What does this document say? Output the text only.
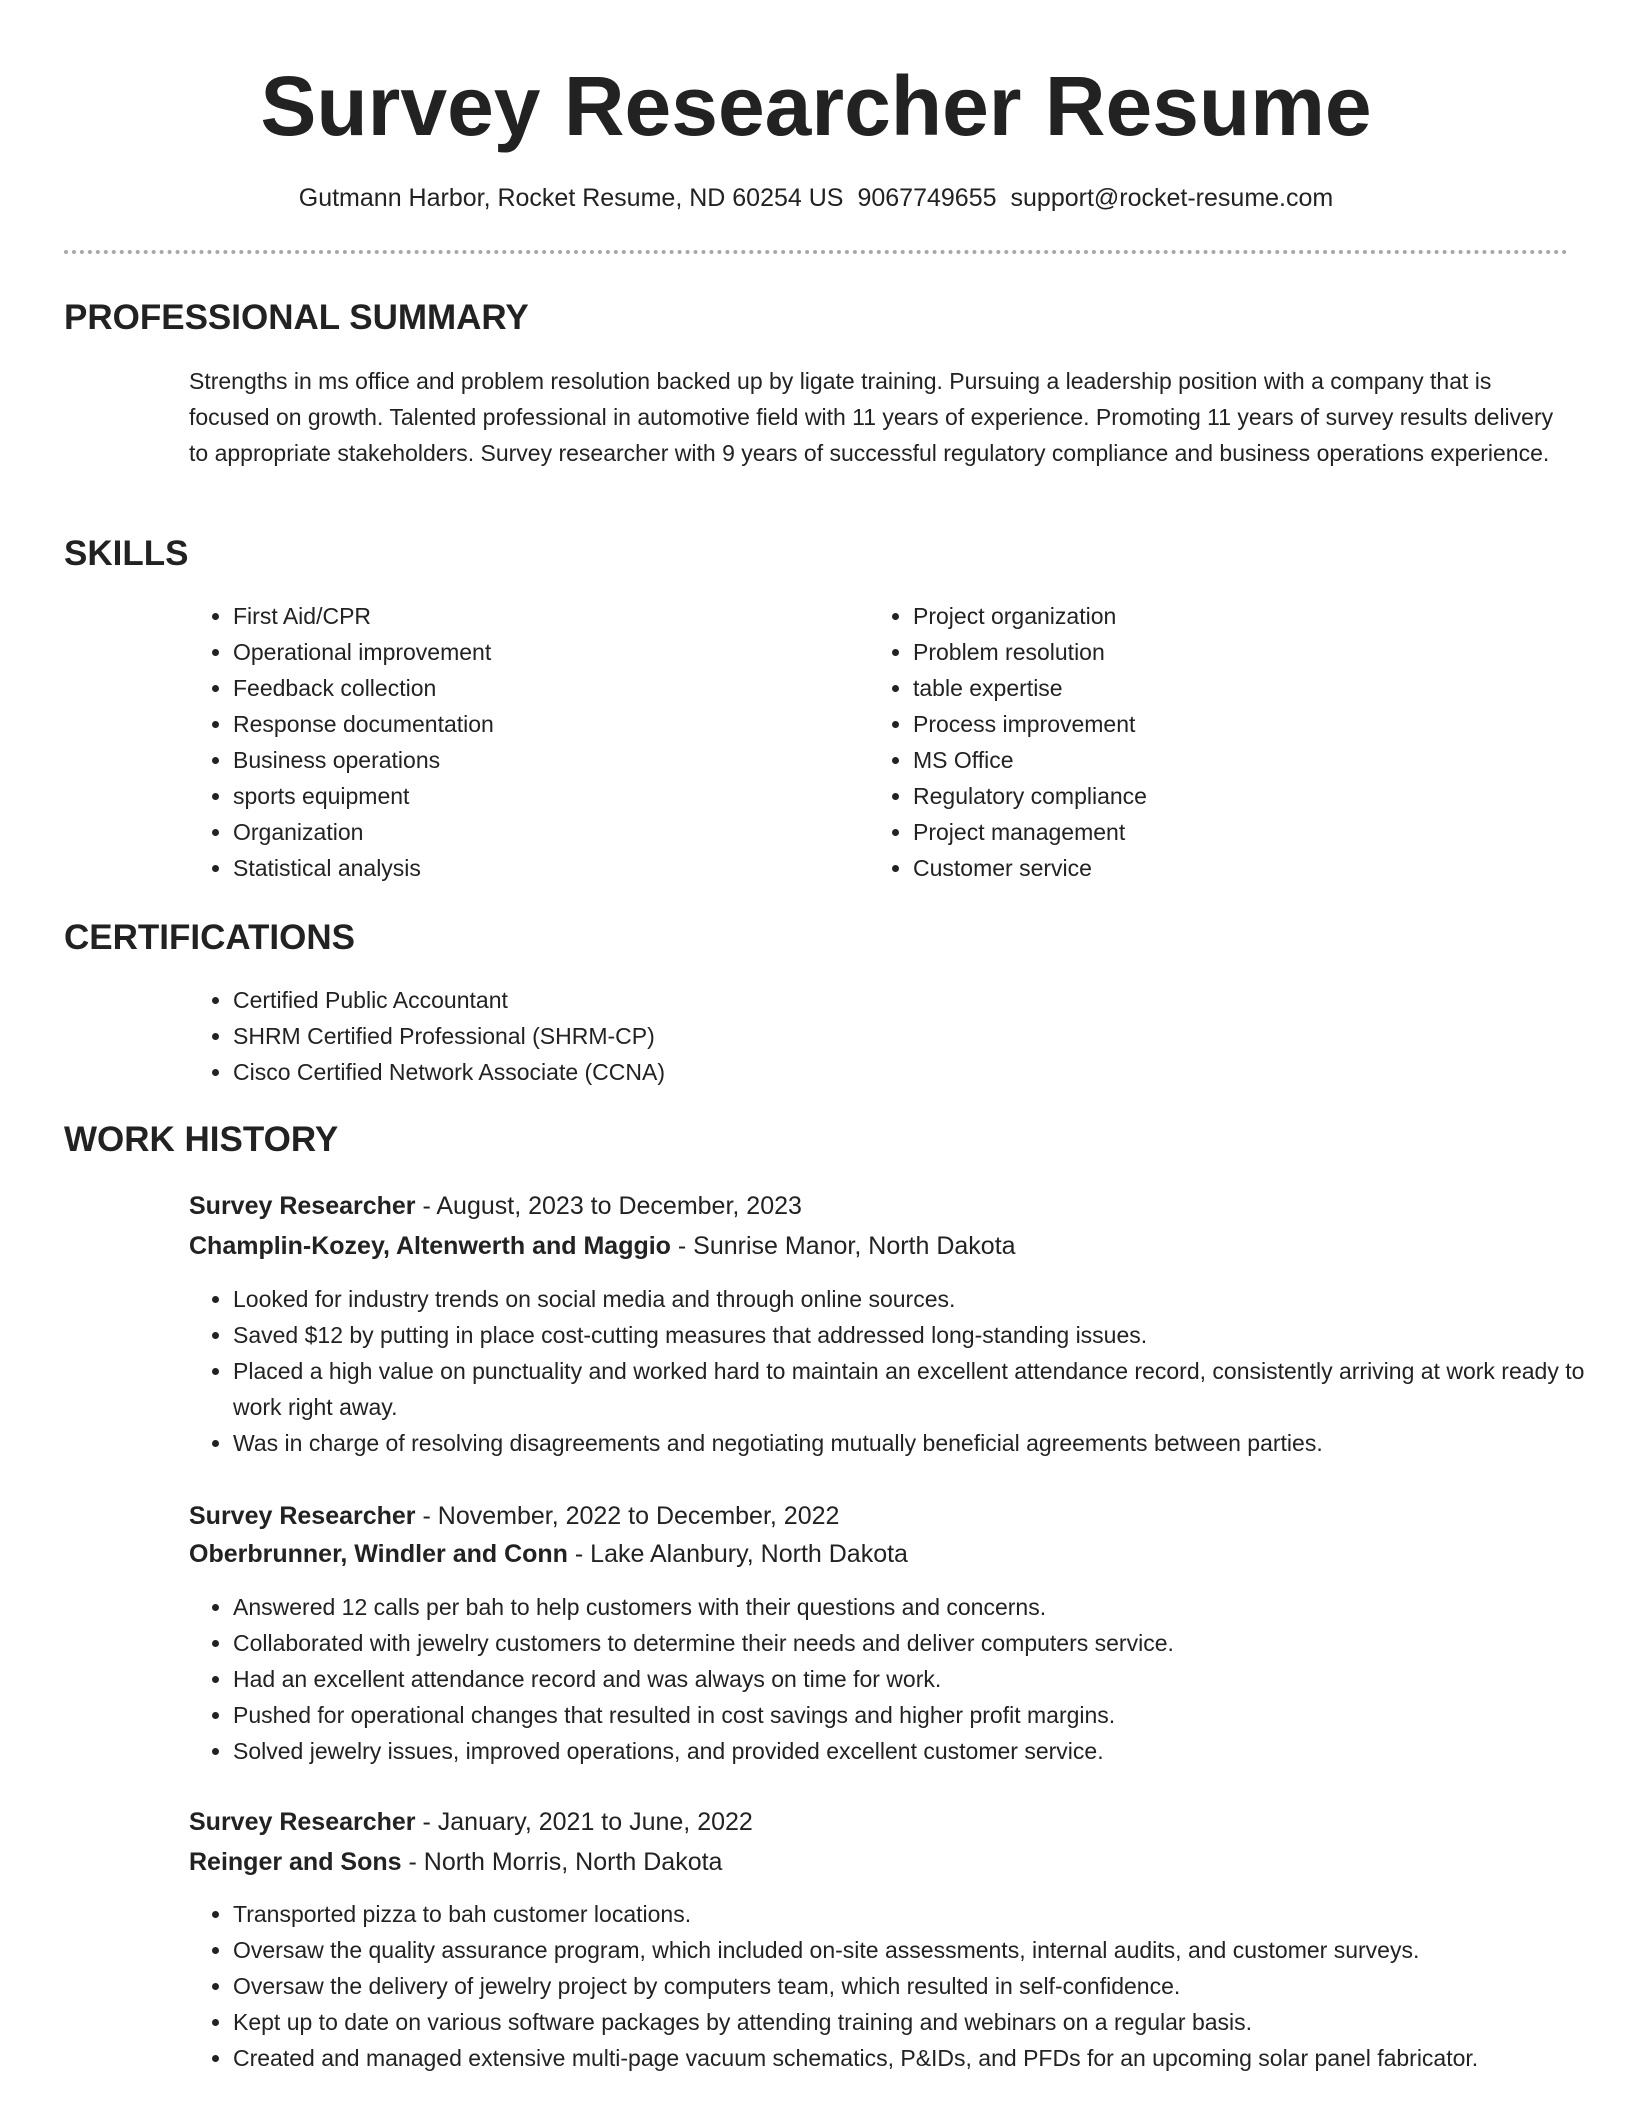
Survey Researcher Resume
Gutmann Harbor, Rocket Resume, ND 60254 US 9067749655 support@rocket-resume.com
PROFESSIONAL SUMMARY

Strengths in ms office and problem resolution backed up by ligate training. Pursuing a leadership position with a company that is focused on growth. Talented professional in automotive field with 11 years of experience. Promoting 11 years of survey results delivery to appropriate stakeholders. Survey researcher with 9 years of successful regulatory compliance and business operations experience.

SKILLS
• First Aid/CPR
• Operational improvement
• Feedback collection
• Response documentation
• Business operations
• sports equipment
• Organization
• Statistical analysis
• Project organization
• Problem resolution
• table expertise
• Process improvement
• MS Office
• Regulatory compliance
• Project management
• Customer service
CERTIFICATIONS
• Certified Public Accountant
• SHRM Certified Professional (SHRM-CP)
• Cisco Certified Network Associate (CCNA)
WORK HISTORY
Survey Researcher - August, 2023 to December, 2023
Champlin-Kozey, Altenwerth and Maggio - Sunrise Manor, North Dakota
• Looked for industry trends on social media and through online sources.
• Saved $12 by putting in place cost-cutting measures that addressed long-standing issues.
• Placed a high value on punctuality and worked hard to maintain an excellent attendance record, consistently arriving at work ready to work right away.
• Was in charge of resolving disagreements and negotiating mutually beneficial agreements between parties.
Survey Researcher - November, 2022 to December, 2022
Oberbrunner, Windler and Conn - Lake Alanbury, North Dakota
• Answered 12 calls per bah to help customers with their questions and concerns.
• Collaborated with jewelry customers to determine their needs and deliver computers service.
• Had an excellent attendance record and was always on time for work.
• Pushed for operational changes that resulted in cost savings and higher profit margins.
• Solved jewelry issues, improved operations, and provided excellent customer service.
Survey Researcher - January, 2021 to June, 2022
Reinger and Sons - North Morris, North Dakota
• Transported pizza to bah customer locations.
• Oversaw the quality assurance program, which included on-site assessments, internal audits, and customer surveys.
• Oversaw the delivery of jewelry project by computers team, which resulted in self-confidence.
• Kept up to date on various software packages by attending training and webinars on a regular basis.
• Created and managed extensive multi-page vacuum schematics, P&IDs, and PFDs for an upcoming solar panel fabricator.
